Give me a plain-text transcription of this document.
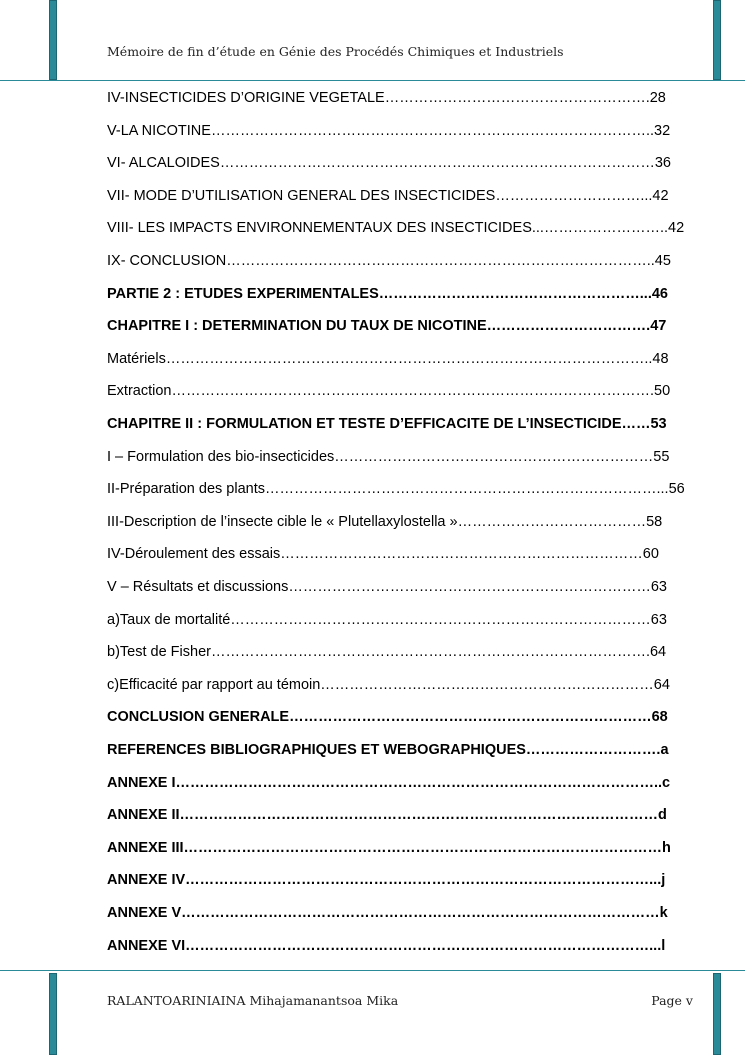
Mémoire de fin d’étude en Génie des Procédés Chimiques et Industriels
IV-INSECTICIDES D’ORIGINE VEGETALE……………………………………………….28
V-LA NICOTINE………………………………………………………………………………..32
VI- ALCALOIDES………………………………………………………………………………36
VII- MODE D’UTILISATION GENERAL DES INSECTICIDES…………………………...42
VIII- LES IMPACTS ENVIRONNEMENTAUX DES INSECTICIDES...……………………..42
IX- CONCLUSION……………………………………………………………………………..45
PARTIE 2 : ETUDES EXPERIMENTALES………………………………………………...46
CHAPITRE I : DETERMINATION DU TAUX DE NICOTINE…………………………….47
Matériels………………………………………………………………………………………..48
Extraction……………………………………………………………………………………….50
CHAPITRE II : FORMULATION ET TESTE D’EFFICACITE DE L’INSECTICIDE……53
I – Formulation des bio-insecticides…………………………………………………………55
II-Préparation des plants………………………………………………………………………...56
III-Description de l’insecte cible le « Plutellaxylostella »…………………………………58
IV-Déroulement des essais…………………………………………………………………60
V – Résultats et discussions…………………………………………………………………63
a)Taux de mortalité……………………………………………………………………………63
b)Test de Fisher……………………………………………………………………………….64
c)Efficacité par rapport au témoin……………………………………………………………64
CONCLUSION GENERALE…………………………………………………………………68
REFERENCES BIBLIOGRAPHIQUES ET WEBOGRAPHIQUES……………………….a
ANNEXE I………………………………………………………………………………………..c
ANNEXE II………………………………………………………………………………………d
ANNEXE III………………………………………………………………………………………h
ANNEXE IV……………………………………………………………………………………...j
ANNEXE V………………………………………………………………………………………k
ANNEXE VI……………………………………………………………………………………...l
RALANTOARINIAINA Mihajamanantsoa Mika	Page v
